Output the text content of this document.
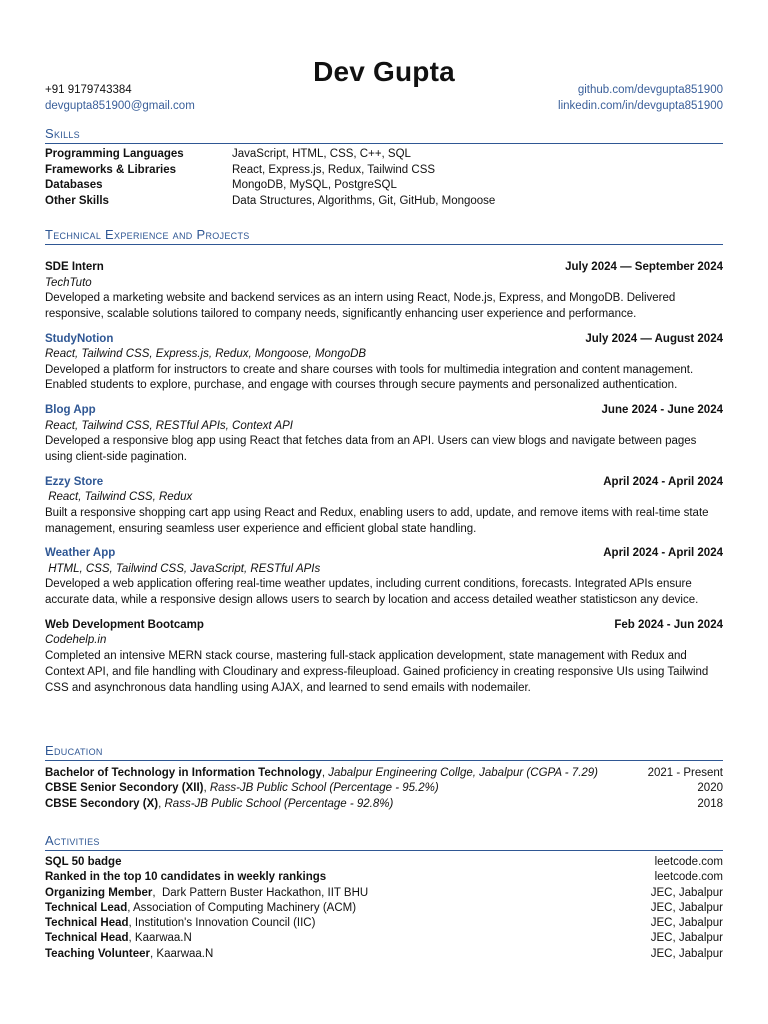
Dev Gupta
+91 9179743384
devgupta851900@gmail.com
github.com/devgupta851900
linkedin.com/in/devgupta851900
Skills
Programming Languages	JavaScript, HTML, CSS, C++, SQL
Frameworks & Libraries	React, Express.js, Redux, Tailwind CSS
Databases	MongoDB, MySQL, PostgreSQL
Other Skills	Data Structures, Algorithms, Git, GitHub, Mongoose
Technical Experience and Projects
SDE Intern	July 2024 — September 2024
TechTuto
Developed a marketing website and backend services as an intern using React, Node.js, Express, and MongoDB. Delivered responsive, scalable solutions tailored to company needs, significantly enhancing user experience and performance.
StudyNotion	July 2024 — August 2024
React, Tailwind CSS, Express.js, Redux, Mongoose, MongoDB
Developed a platform for instructors to create and share courses with tools for multimedia integration and content management. Enabled students to explore, purchase, and engage with courses through secure payments and personalized authentication.
Blog App	June 2024 - June 2024
React, Tailwind CSS, RESTful APIs, Context API
Developed a responsive blog app using React that fetches data from an API. Users can view blogs and navigate between pages using client-side pagination.
Ezzy Store	April 2024 - April 2024
React, Tailwind CSS, Redux
Built a responsive shopping cart app using React and Redux, enabling users to add, update, and remove items with real-time state management, ensuring seamless user experience and efficient global state handling.
Weather App	April 2024 - April 2024
HTML, CSS, Tailwind CSS, JavaScript, RESTful APIs
Developed a web application offering real-time weather updates, including current conditions, forecasts. Integrated APIs ensure accurate data, while a responsive design allows users to search by location and access detailed weather statisticson any device.
Web Development Bootcamp	Feb 2024 - Jun 2024
Codehelp.in
Completed an intensive MERN stack course, mastering full-stack application development, state management with Redux and Context API, and file handling with Cloudinary and express-fileupload. Gained proficiency in creating responsive UIs using Tailwind CSS and asynchronous data handling using AJAX, and learned to send emails with nodemailer.
Education
Bachelor of Technology in Information Technology, Jabalpur Engineering Collge, Jabalpur (CGPA - 7.29)	2021 - Present
CBSE Senior Secondory (XII), Rass-JB Public School (Percentage - 95.2%)	2020
CBSE Secondory (X), Rass-JB Public School (Percentage - 92.8%)	2018
Activities
SQL 50 badge	leetcode.com
Ranked in the top 10 candidates in weekly rankings	leetcode.com
Organizing Member,  Dark Pattern Buster Hackathon, IIT BHU	JEC, Jabalpur
Technical Lead, Association of Computing Machinery (ACM)	JEC, Jabalpur
Technical Head, Institution's Innovation Council (IIC)	JEC, Jabalpur
Technical Head, Kaarwaa.N	JEC, Jabalpur
Teaching Volunteer, Kaarwaa.N	JEC, Jabalpur
